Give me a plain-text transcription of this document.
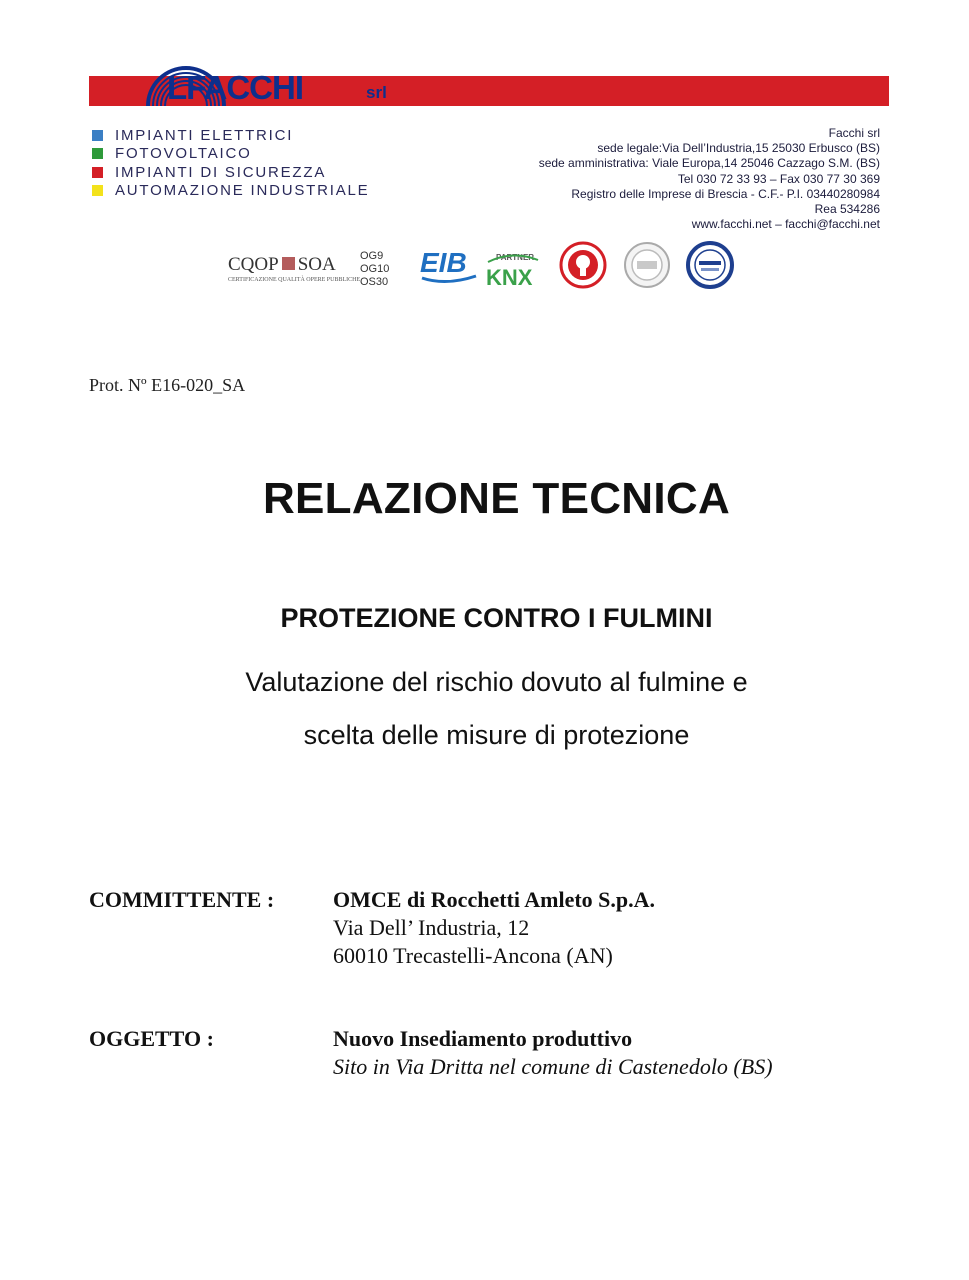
LFACCHI	srl
IMPIANTI ELETTRICI
FOTOVOLTAICO
IMPIANTI DI SICUREZZA
AUTOMAZIONE INDUSTRIALE
Facchi srl
sede legale:Via Dell’Industria,15 25030 Erbusco (BS)
sede amministrativa: Viale Europa,14 25046 Cazzago S.M. (BS)
Tel 030 72 33 93 – Fax 030 77 30 369
Registro delle Imprese di Brescia - C.F.- P.I. 03440280984
Rea 534286
www.facchi.net – facchi@facchi.net
CQOP SOA
CERTIFICAZIONE QUALITÀ OPERE PUBBLICHE
OG9
OG10
OS30
EIB	PARTNER
KNX
Prot. Nº E16-020_SA
RELAZIONE TECNICA
PROTEZIONE CONTRO I FULMINI
Valutazione del rischio dovuto al fulmine e
scelta delle misure di protezione
COMMITTENTE :	OMCE di Rocchetti Amleto S.p.A.
Via Dell’ Industria, 12
60010 Trecastelli-Ancona (AN)
OGGETTO :	Nuovo Insediamento produttivo
Sito in Via Dritta nel comune di Castenedolo (BS)
